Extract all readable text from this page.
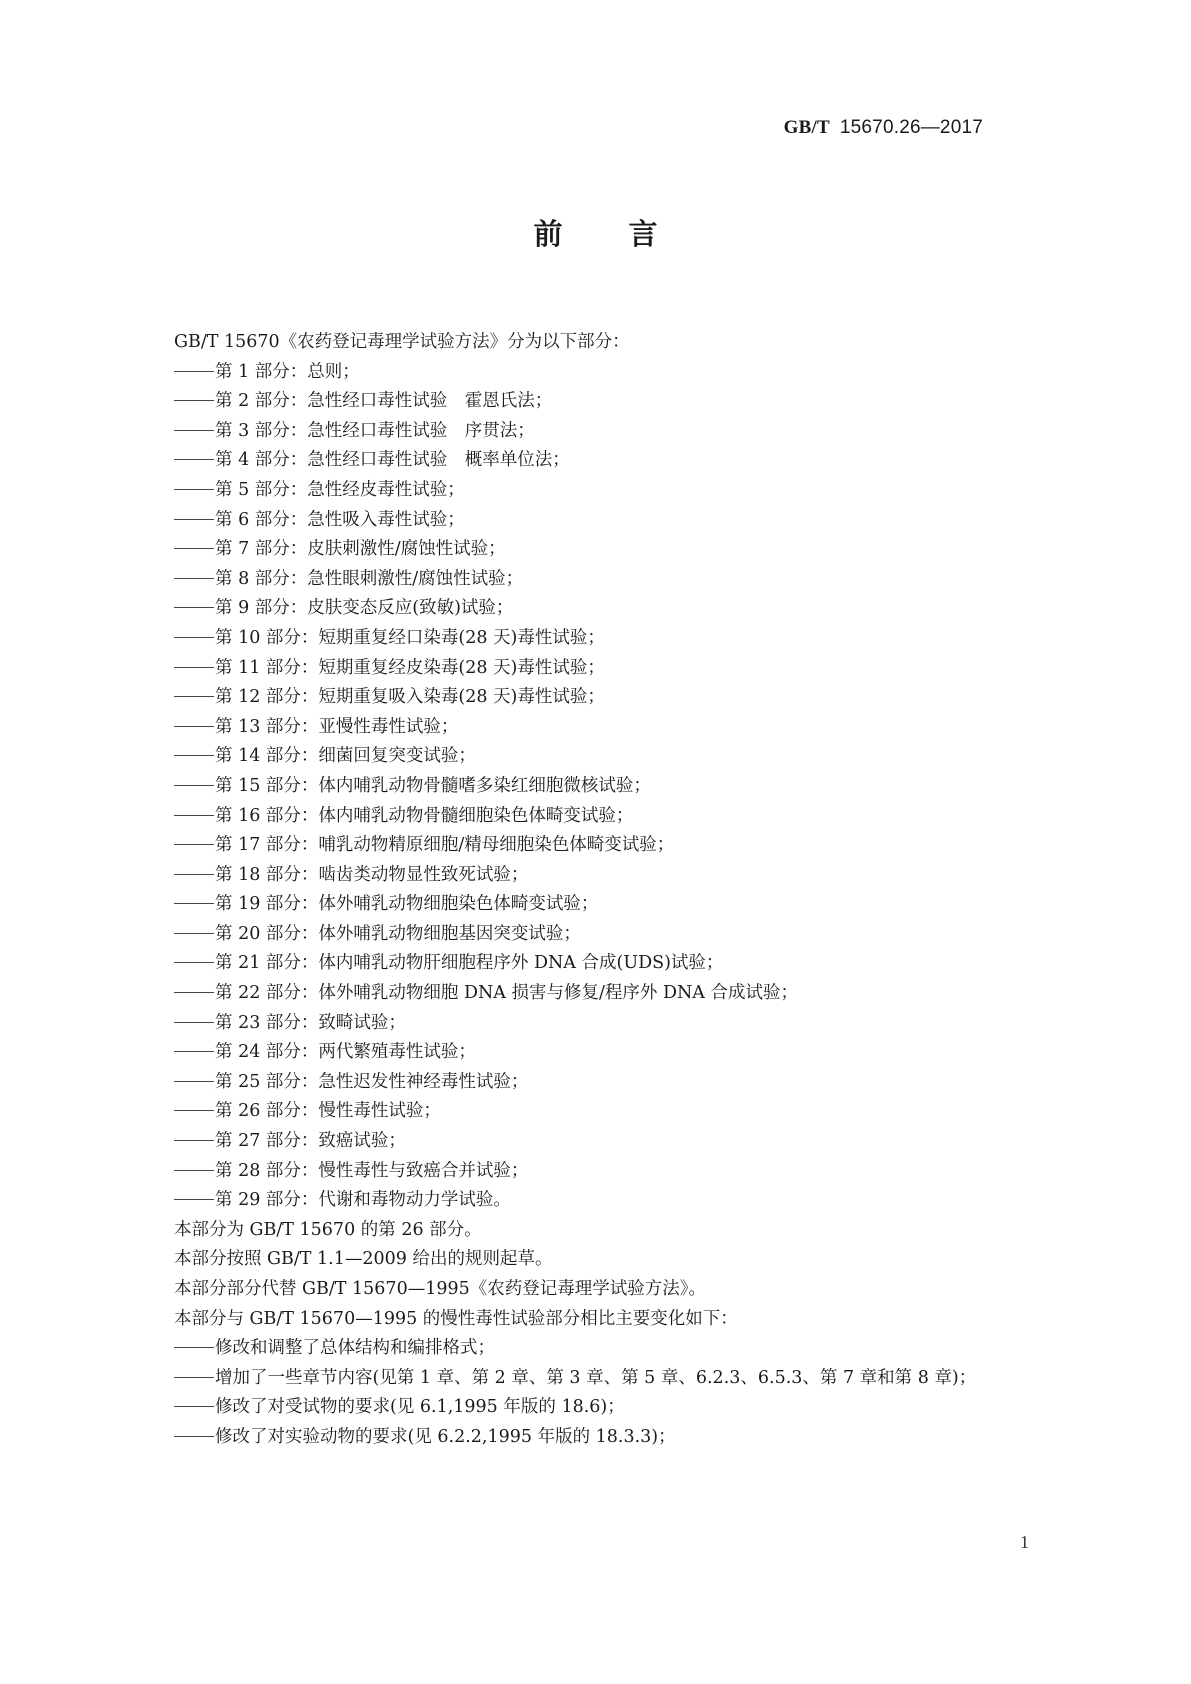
GB/T 15670.26—2017
前 言
GB/T 15670《农药登记毒理学试验方法》分为以下部分：
第 1 部分：总则；
第 2 部分：急性经口毒性试验　霍恩氏法；
第 3 部分：急性经口毒性试验　序贯法；
第 4 部分：急性经口毒性试验　概率单位法；
第 5 部分：急性经皮毒性试验；
第 6 部分：急性吸入毒性试验；
第 7 部分：皮肤刺激性/腐蚀性试验；
第 8 部分：急性眼刺激性/腐蚀性试验；
第 9 部分：皮肤变态反应(致敏)试验；
第 10 部分：短期重复经口染毒(28 天)毒性试验；
第 11 部分：短期重复经皮染毒(28 天)毒性试验；
第 12 部分：短期重复吸入染毒(28 天)毒性试验；
第 13 部分：亚慢性毒性试验；
第 14 部分：细菌回复突变试验；
第 15 部分：体内哺乳动物骨髓嗜多染红细胞微核试验；
第 16 部分：体内哺乳动物骨髓细胞染色体畸变试验；
第 17 部分：哺乳动物精原细胞/精母细胞染色体畸变试验；
第 18 部分：啮齿类动物显性致死试验；
第 19 部分：体外哺乳动物细胞染色体畸变试验；
第 20 部分：体外哺乳动物细胞基因突变试验；
第 21 部分：体内哺乳动物肝细胞程序外 DNA 合成(UDS)试验；
第 22 部分：体外哺乳动物细胞 DNA 损害与修复/程序外 DNA 合成试验；
第 23 部分：致畸试验；
第 24 部分：两代繁殖毒性试验；
第 25 部分：急性迟发性神经毒性试验；
第 26 部分：慢性毒性试验；
第 27 部分：致癌试验；
第 28 部分：慢性毒性与致癌合并试验；
第 29 部分：代谢和毒物动力学试验。
本部分为 GB/T 15670 的第 26 部分。
本部分按照 GB/T 1.1—2009 给出的规则起草。
本部分部分代替 GB/T 15670—1995《农药登记毒理学试验方法》。
本部分与 GB/T 15670—1995 的慢性毒性试验部分相比主要变化如下：
修改和调整了总体结构和编排格式；
增加了一些章节内容(见第 1 章、第 2 章、第 3 章、第 5 章、6.2.3、6.5.3、第 7 章和第 8 章)；
修改了对受试物的要求(见 6.1,1995 年版的 18.6)；
修改了对实验动物的要求(见 6.2.2,1995 年版的 18.3.3)；
1
